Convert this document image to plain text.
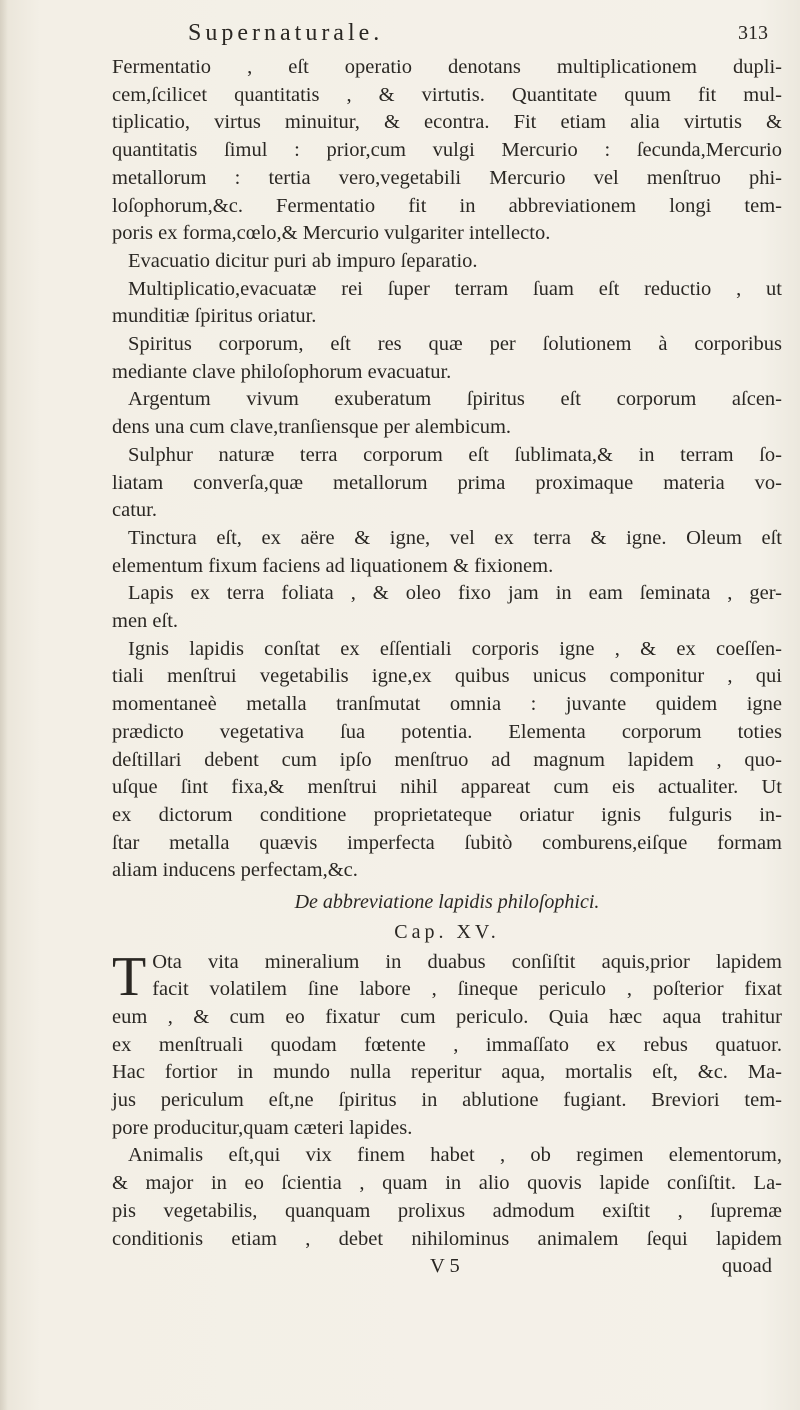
Supernaturale.	313
Fermentatio , eſt operatio denotans multiplicationem dupli-
cem,ſcilicet quantitatis , & virtutis. Quantitate quum fit mul-
tiplicatio, virtus minuitur, & econtra. Fit etiam alia virtutis &
quantitatis ſimul : prior,cum vulgi Mercurio : ſecunda,Mercurio
metallorum : tertia vero,vegetabili Mercurio vel menſtruo phi-
loſophorum,&c. Fermentatio fit in abbreviationem longi tem-
poris ex forma,cœlo,& Mercurio vulgariter intellecto.
Evacuatio dicitur puri ab impuro ſeparatio.
Multiplicatio,evacuatæ rei ſuper terram ſuam eſt reductio , ut
munditiæ ſpiritus oriatur.
Spiritus corporum, eſt res quæ per ſolutionem à corporibus
mediante clave philoſophorum evacuatur.
Argentum vivum exuberatum ſpiritus eſt corporum aſcen-
dens una cum clave,tranſiensque per alembicum.
Sulphur naturæ terra corporum eſt ſublimata,& in terram ſo-
liatam converſa,quæ metallorum prima proximaque materia vo-
catur.
Tinctura eſt, ex aëre & igne, vel ex terra & igne. Oleum eſt
elementum fixum faciens ad liquationem & fixionem.
Lapis ex terra foliata , & oleo fixo jam in eam ſeminata , ger-
men eſt.
Ignis lapidis conſtat ex eſſentiali corporis igne , & ex coeſſen-
tiali menſtrui vegetabilis igne,ex quibus unicus componitur , qui
momentaneè metalla tranſmutat omnia : juvante quidem igne
prædicto vegetativa ſua potentia. Elementa corporum toties
deſtillari debent cum ipſo menſtruo ad magnum lapidem , quo-
uſque ſint fixa,& menſtrui nihil appareat cum eis actualiter. Ut
ex dictorum conditione proprietateque oriatur ignis fulguris in-
ſtar metalla quævis imperfecta ſubitò comburens,eiſque formam
aliam inducens perfectam,&c.
De abbreviatione lapidis philoſophici.
Cap. XV.
T Ota vita mineralium in duabus conſiſtit aquis,prior lapidem
facit volatilem ſine labore , ſineque periculo , poſterior fixat
eum , & cum eo fixatur cum periculo. Quia hæc aqua trahitur
ex menſtruali quodam fœtente , immaſſato ex rebus quatuor.
Hac fortior in mundo nulla reperitur aqua, mortalis eſt, &c. Ma-
jus periculum eſt,ne ſpiritus in ablutione fugiant. Breviori tem-
pore producitur,quam cæteri lapides.
Animalis eſt,qui vix finem habet , ob regimen elementorum,
& major in eo ſcientia , quam in alio quovis lapide conſiſtit. La-
pis vegetabilis, quanquam prolixus admodum exiſtit , ſupremæ
conditionis etiam , debet nihilominus animalem ſequi lapidem
V 5	quoad
